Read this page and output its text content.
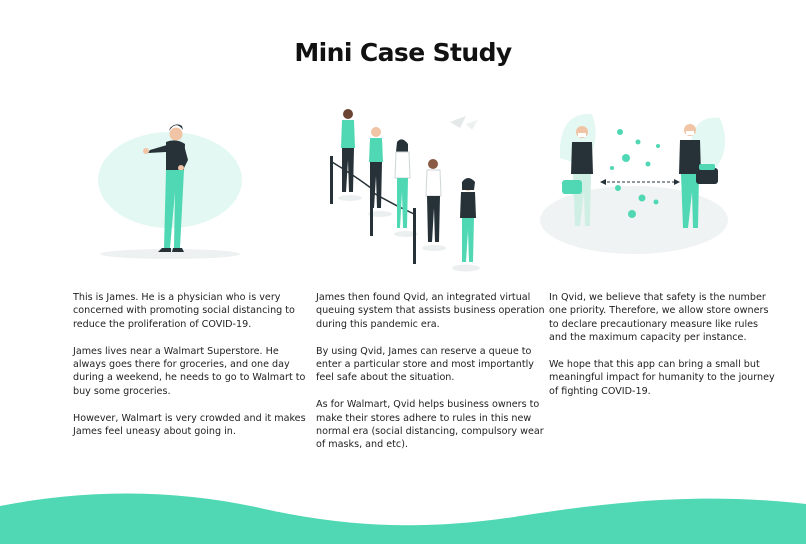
Mini Case Study

This is James. He is a physician who is very concerned with promoting social distancing to reduce the proliferation of COVID-19.

James lives near a Walmart Superstore. He always goes there for groceries, and one day during a weekend, he needs to go to Walmart to buy some groceries.

However, Walmart is very crowded and it makes James feel uneasy about going in.

James then found Qvid, an integrated virtual queuing system that assists business operation during this pandemic era.

By using Qvid, James can reserve a queue to enter a particular store and most importantly feel safe about the situation.

As for Walmart, Qvid helps business owners to make their stores adhere to rules in this new normal era (social distancing, compulsory wear of masks, and etc).

In Qvid, we believe that safety is the number one priority. Therefore, we allow store owners to declare precautionary measure like rules and the maximum capacity per instance.

We hope that this app can bring a small but meaningful impact for humanity to the journey of fighting COVID-19.
